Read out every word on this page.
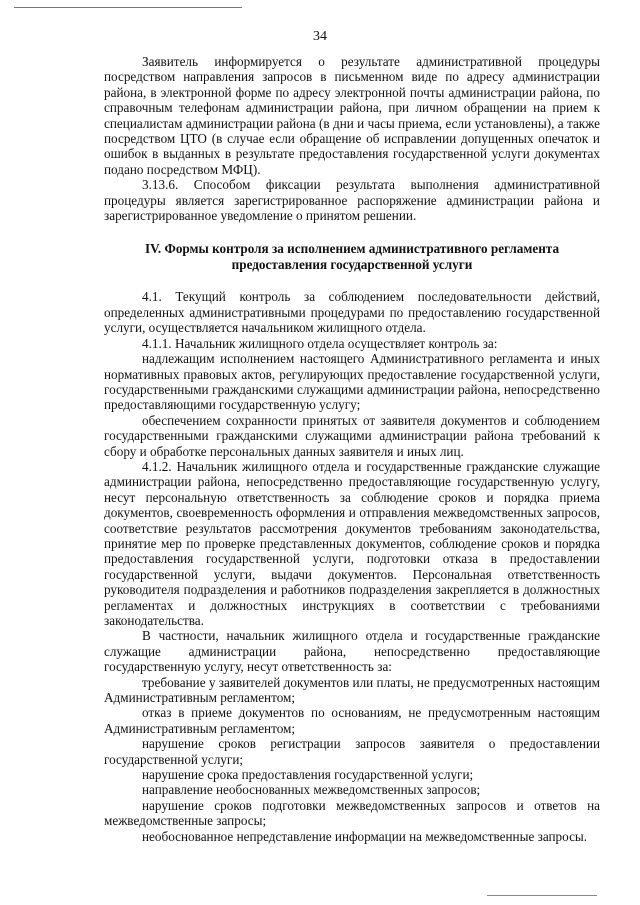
34

Заявитель информируется о результате административной процедуры посредством направления запросов в письменном виде по адресу администрации района, в электронной форме по адресу электронной почты администрации района, по справочным телефонам администрации района, при личном обращении на прием к специалистам администрации района (в дни и часы приема, если установлены), а также посредством ЦТО (в случае если обращение об исправлении допущенных опечаток и ошибок в выданных в результате предоставления государственной услуги документах подано посредством МФЦ).

3.13.6. Способом фиксации результата выполнения административной процедуры является зарегистрированное распоряжение администрации района и зарегистрированное уведомление о принятом решении.

IV. Формы контроля за исполнением административного регламента предоставления государственной услуги

4.1. Текущий контроль за соблюдением последовательности действий, определенных административными процедурами по предоставлению государственной услуги, осуществляется начальником жилищного отдела.

4.1.1. Начальник жилищного отдела осуществляет контроль за:

надлежащим исполнением настоящего Административного регламента и иных нормативных правовых актов, регулирующих предоставление государственной услуги, государственными гражданскими служащими администрации района, непосредственно предоставляющими государственную услугу;

обеспечением сохранности принятых от заявителя документов и соблюдением государственными гражданскими служащими администрации района требований к сбору и обработке персональных данных заявителя и иных лиц.

4.1.2. Начальник жилищного отдела и государственные гражданские служащие администрации района, непосредственно предоставляющие государственную услугу, несут персональную ответственность за соблюдение сроков и порядка приема документов, своевременность оформления и отправления межведомственных запросов, соответствие результатов рассмотрения документов требованиям законодательства, принятие мер по проверке представленных документов, соблюдение сроков и порядка предоставления государственной услуги, подготовки отказа в предоставлении государственной услуги, выдачи документов. Персональная ответственность руководителя подразделения и работников подразделения закрепляется в должностных регламентах и должностных инструкциях в соответствии с требованиями законодательства.

В частности, начальник жилищного отдела и государственные гражданские служащие администрации района, непосредственно предоставляющие государственную услугу, несут ответственность за:

требование у заявителей документов или платы, не предусмотренных настоящим Административным регламентом;

отказ в приеме документов по основаниям, не предусмотренным настоящим Административным регламентом;

нарушение сроков регистрации запросов заявителя о предоставлении государственной услуги;

нарушение срока предоставления государственной услуги;

направление необоснованных межведомственных запросов;

нарушение сроков подготовки межведомственных запросов и ответов на межведомственные запросы;

необоснованное непредставление информации на межведомственные запросы.
